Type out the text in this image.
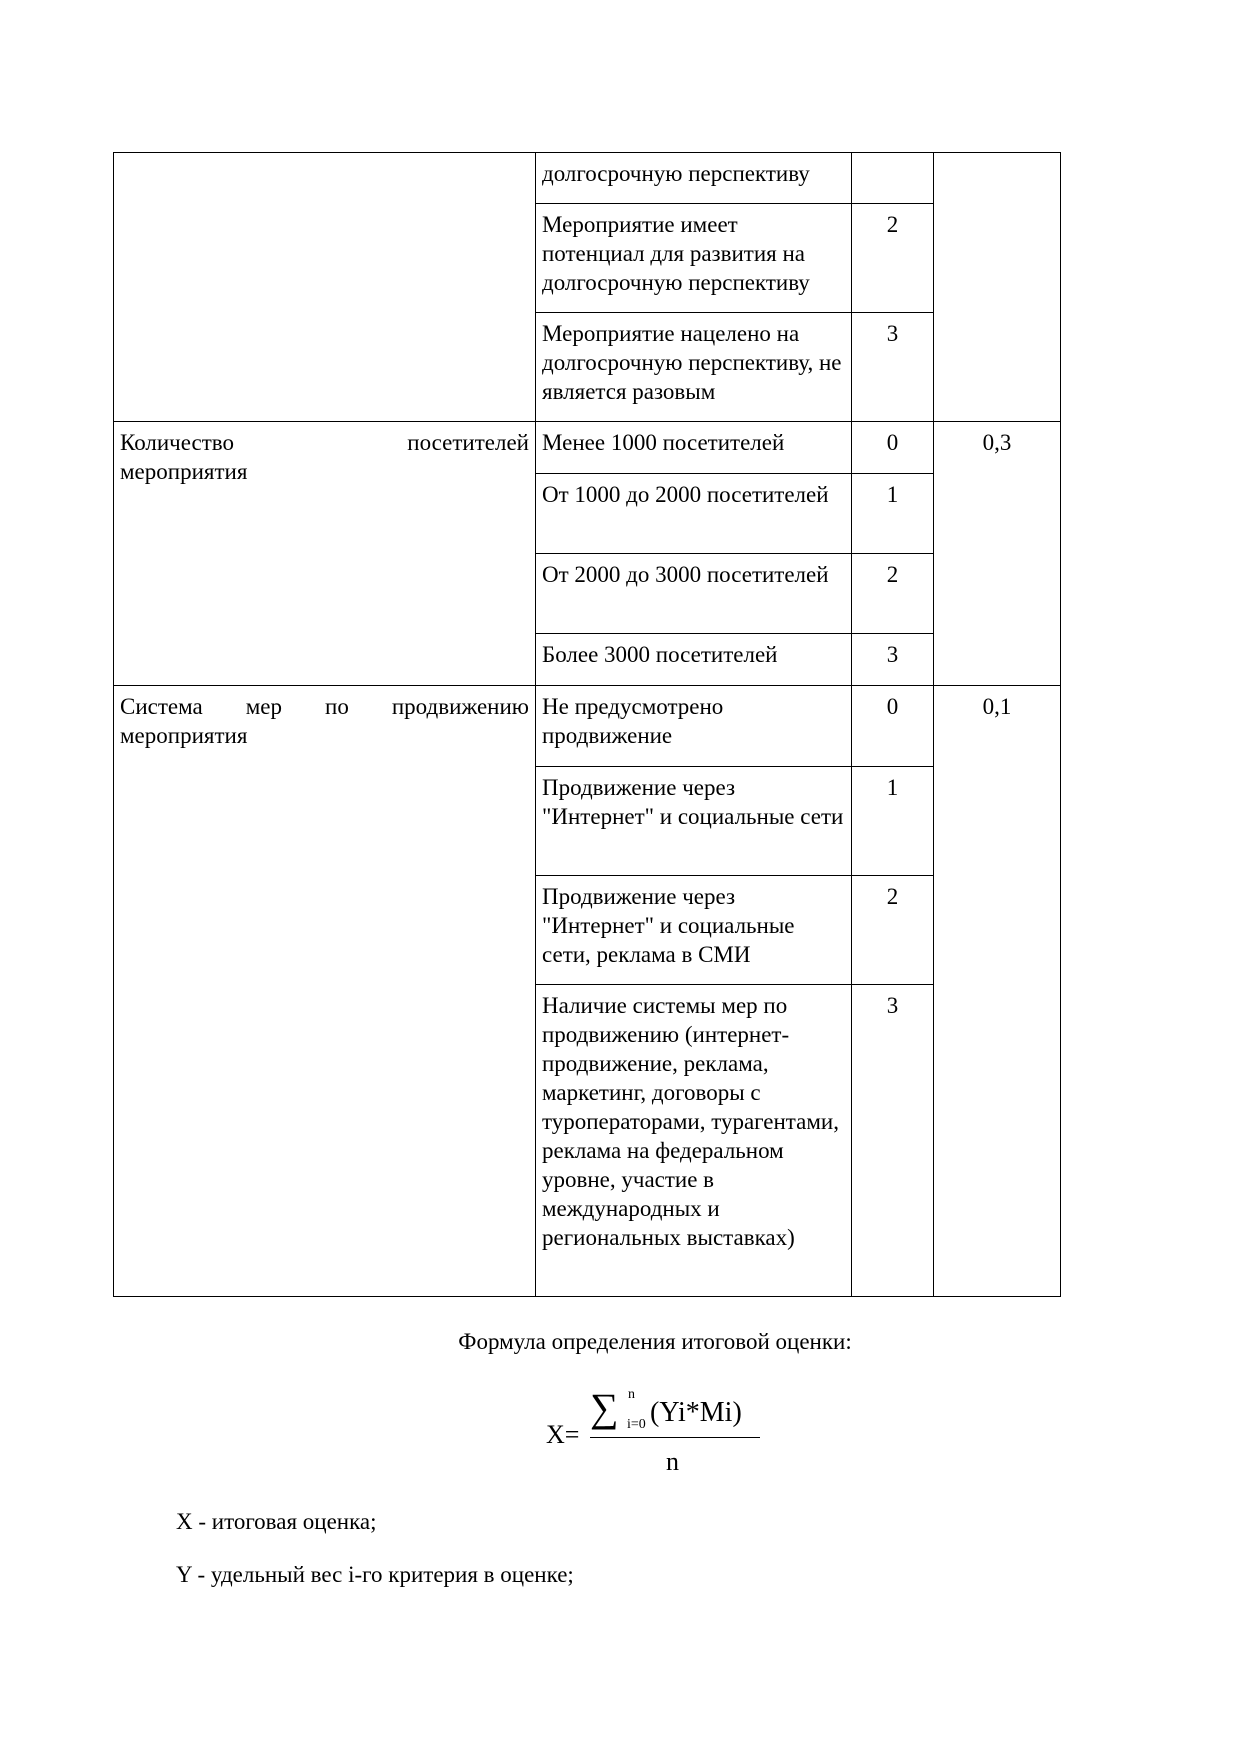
	долгосрочную перспективу		
	Мероприятие имеет потенциал для развития на долгосрочную перспективу	2	
	Мероприятие нацелено на долгосрочную перспективу, не является разовым	3	

Количество посетителей
мероприятия	Менее 1000 посетителей	0	0,3
	От 1000 до 2000 посетителей	1	
	От 2000 до 3000 посетителей	2	
	Более 3000 посетителей	3	

Система мер по продвижению
мероприятия	Не предусмотрено продвижение	0	0,1
	Продвижение через "Интернет" и социальные сети	1	
	Продвижение через "Интернет" и социальные сети, реклама в СМИ	2	
	Наличие системы мер по продвижению (интернет-продвижение, реклама, маркетинг, договоры с туроператорами, турагентами, реклама на федеральном уровне, участие в международных и региональных выставках)	3	
Формула определения итоговой оценки:
X=
∑ n
i=0 (Yi*Mi)
n
X - итоговая оценка;
Y - удельный вес i-го критерия в оценке;
